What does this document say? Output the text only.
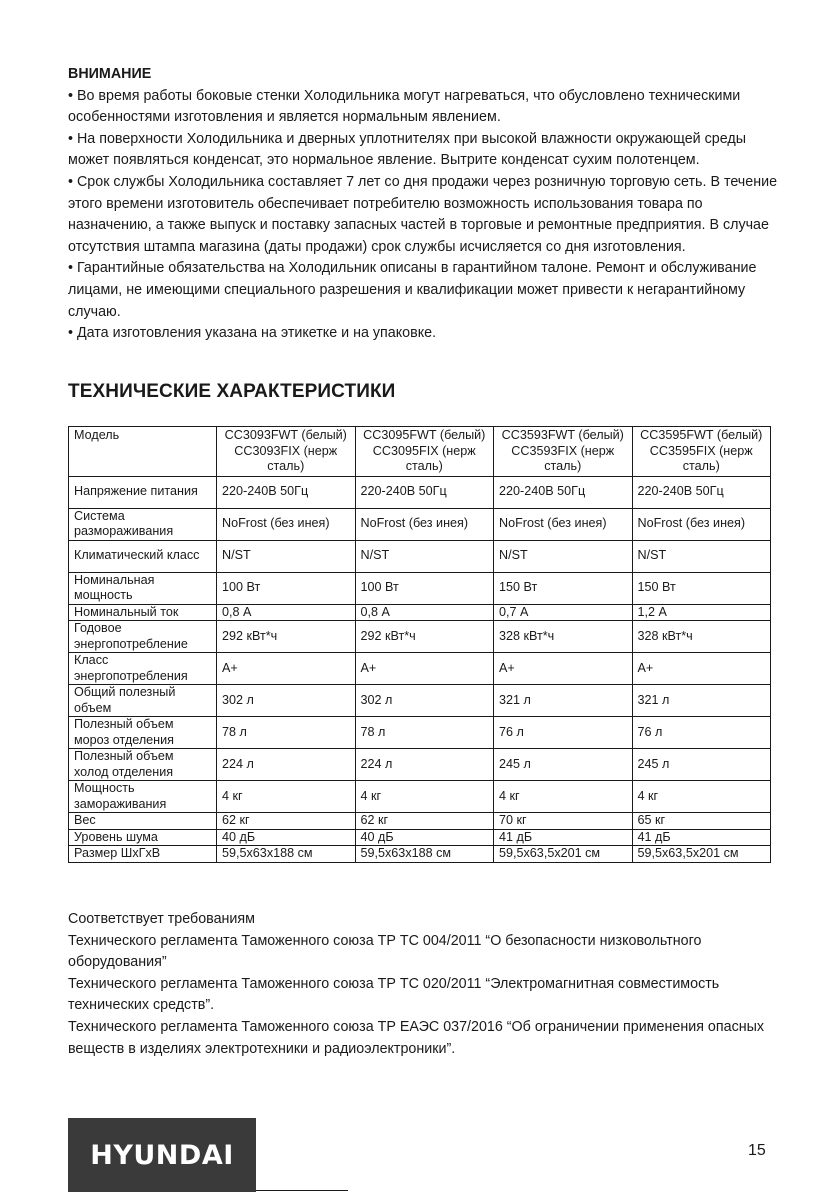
ВНИМАНИЕ

• Во время работы боковые стенки Холодильника могут нагреваться, что обусловлено техническими особенностями изготовления и является нормальным явлением.

• На поверхности Холодильника и дверных уплотнителях при высокой влажности окружающей среды может появляться конденсат, это нормальное явление. Вытрите конденсат сухим полотенцем.

• Срок службы Холодильника составляет 7 лет со дня продажи через розничную торговую сеть. В течение этого времени изготовитель обеспечивает потребителю возможность использования товара по назначению, а также выпуск и поставку запасных частей в торговые и ремонтные предприятия. В случае отсутствия штампа магазина (даты продажи) срок службы исчисляется со дня изготовления.

• Гарантийные обязательства на Холодильник описаны в гарантийном талоне. Ремонт и обслуживание лицами, не имеющими специального разрешения и квалификации может привести к негарантийному случаю.

• Дата изготовления указана на этикетке и на упаковке.

ТЕХНИЧЕСКИЕ ХАРАКТЕРИСТИКИ
Модель	CC3093FWT (белый) CC3093FIX (нерж сталь)	CC3095FWT (белый) CC3095FIX (нерж сталь)	CC3593FWT (белый) CC3593FIX (нерж сталь)	CC3595FWT (белый) CC3595FIX (нерж сталь)
Напряжение питания	220-240В 50Гц	220-240В 50Гц	220-240В 50Гц	220-240В 50Гц
Система размораживания	NoFrost (без инея)	NoFrost (без инея)	NoFrost (без инея)	NoFrost (без инея)
Климатический класс	N/ST	N/ST	N/ST	N/ST
Номинальная мощность	100 Вт	100 Вт	150 Вт	150 Вт
Номинальный ток	0,8 А	0,8 А	0,7 А	1,2 А
Годовое энергопотребление	292 кВт*ч	292 кВт*ч	328 кВт*ч	328 кВт*ч
Класс энергопотребления	А+	А+	А+	А+
Общий полезный объем	302 л	302 л	321 л	321 л
Полезный объем мороз отделения	78 л	78 л	76 л	76 л
Полезный объем холод отделения	224 л	224 л	245 л	245 л
Мощность замораживания	4 кг	4 кг	4 кг	4 кг
Вес	62 кг	62 кг	70 кг	65 кг
Уровень шума	40 дБ	40 дБ	41 дБ	41 дБ
Размер ШхГхВ	59,5х63х188 см	59,5х63х188 см	59,5х63,5х201 см	59,5х63,5х201 см

Соответствует требованиям

Технического регламента Таможенного союза ТР ТС 004/2011 “О безопасности низковольтного оборудования”

Технического регламента Таможенного союза ТР ТС 020/2011 “Электромагнитная совместимость технических средств”.

Технического регламента Таможенного союза ТР ЕАЭС 037/2016 “Об ограничении применения опасных веществ в изделиях электротехники и радиоэлектроники”.

HYUNDAI	15
